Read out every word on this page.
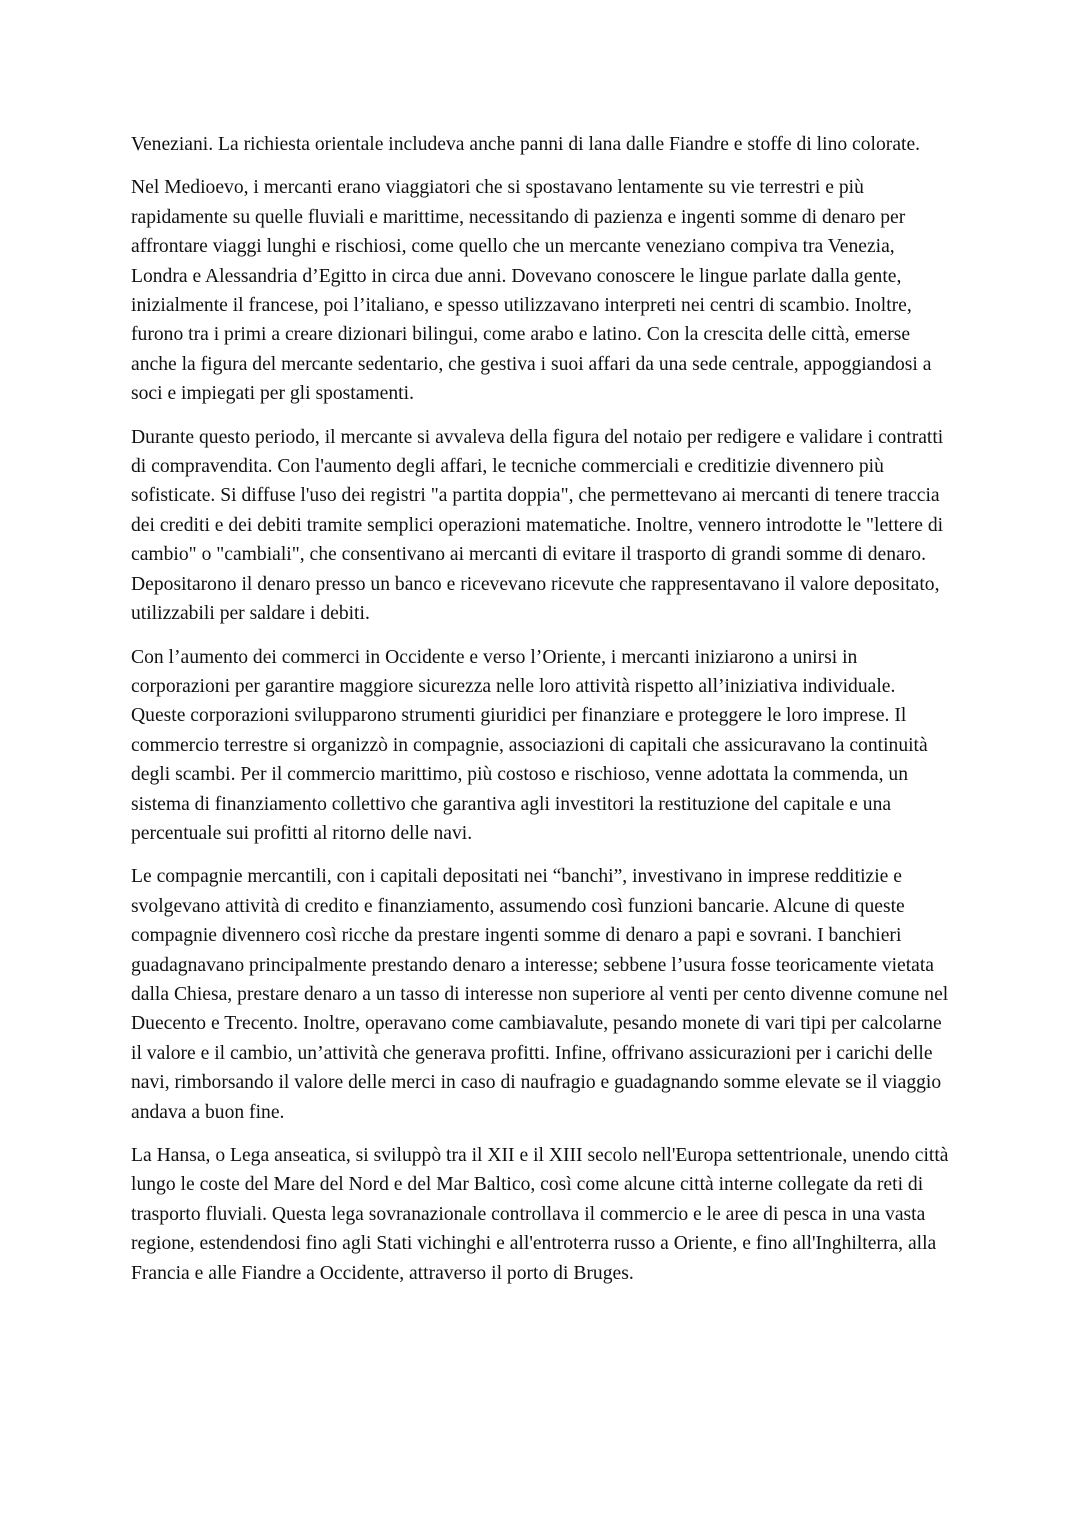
Veneziani. La richiesta orientale includeva anche panni di lana dalle Fiandre e stoffe di lino colorate.

Nel Medioevo, i mercanti erano viaggiatori che si spostavano lentamente su vie terrestri e più rapidamente su quelle fluviali e marittime, necessitando di pazienza e ingenti somme di denaro per affrontare viaggi lunghi e rischiosi, come quello che un mercante veneziano compiva tra Venezia, Londra e Alessandria d’Egitto in circa due anni. Dovevano conoscere le lingue parlate dalla gente, inizialmente il francese, poi l’italiano, e spesso utilizzavano interpreti nei centri di scambio. Inoltre, furono tra i primi a creare dizionari bilingui, come arabo e latino. Con la crescita delle città, emerse anche la figura del mercante sedentario, che gestiva i suoi affari da una sede centrale, appoggiandosi a soci e impiegati per gli spostamenti.

Durante questo periodo, il mercante si avvaleva della figura del notaio per redigere e validare i contratti di compravendita. Con l'aumento degli affari, le tecniche commerciali e creditizie divennero più sofisticate. Si diffuse l'uso dei registri "a partita doppia", che permettevano ai mercanti di tenere traccia dei crediti e dei debiti tramite semplici operazioni matematiche. Inoltre, vennero introdotte le "lettere di cambio" o "cambiali", che consentivano ai mercanti di evitare il trasporto di grandi somme di denaro. Depositarono il denaro presso un banco e ricevevano ricevute che rappresentavano il valore depositato, utilizzabili per saldare i debiti.

Con l’aumento dei commerci in Occidente e verso l’Oriente, i mercanti iniziarono a unirsi in corporazioni per garantire maggiore sicurezza nelle loro attività rispetto all’iniziativa individuale. Queste corporazioni svilupparono strumenti giuridici per finanziare e proteggere le loro imprese. Il commercio terrestre si organizzò in compagnie, associazioni di capitali che assicuravano la continuità degli scambi. Per il commercio marittimo, più costoso e rischioso, venne adottata la commenda, un sistema di finanziamento collettivo che garantiva agli investitori la restituzione del capitale e una percentuale sui profitti al ritorno delle navi.

Le compagnie mercantili, con i capitali depositati nei “banchi”, investivano in imprese redditizie e svolgevano attività di credito e finanziamento, assumendo così funzioni bancarie. Alcune di queste compagnie divennero così ricche da prestare ingenti somme di denaro a papi e sovrani. I banchieri guadagnavano principalmente prestando denaro a interesse; sebbene l’usura fosse teoricamente vietata dalla Chiesa, prestare denaro a un tasso di interesse non superiore al venti per cento divenne comune nel Duecento e Trecento. Inoltre, operavano come cambiavalute, pesando monete di vari tipi per calcolarne il valore e il cambio, un’attività che generava profitti. Infine, offrivano assicurazioni per i carichi delle navi, rimborsando il valore delle merci in caso di naufragio e guadagnando somme elevate se il viaggio andava a buon fine.

La Hansa, o Lega anseatica, si sviluppò tra il XII e il XIII secolo nell'Europa settentrionale, unendo città lungo le coste del Mare del Nord e del Mar Baltico, così come alcune città interne collegate da reti di trasporto fluviali. Questa lega sovranazionale controllava il commercio e le aree di pesca in una vasta regione, estendendosi fino agli Stati vichinghi e all'entroterra russo a Oriente, e fino all'Inghilterra, alla Francia e alle Fiandre a Occidente, attraverso il porto di Bruges.
